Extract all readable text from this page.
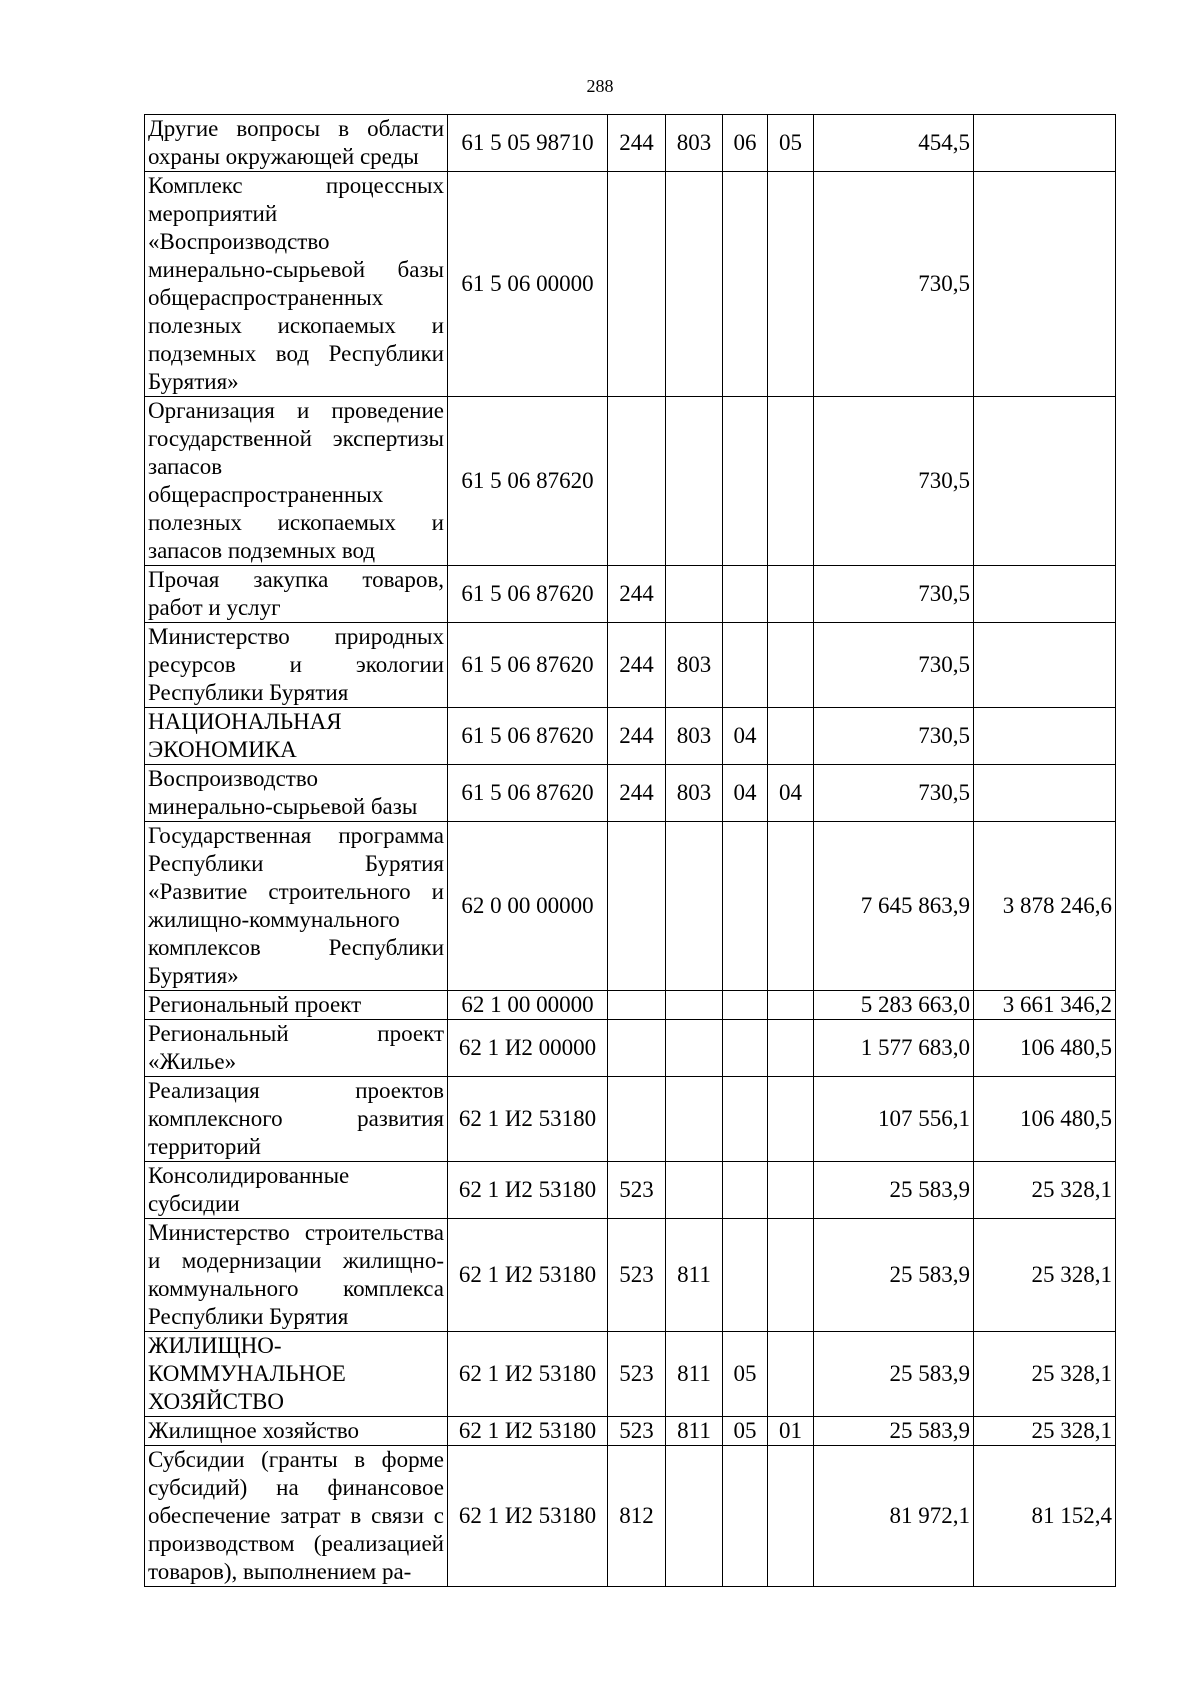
288
Другие вопросы в области охраны окружающей среды	61 5 05 98710	244	803	06	05	454,5	
Комплекс процессных мероприятий «Воспроизводство минерально-сырьевой базы общераспространенных полезных ископаемых и подземных вод Республики Бурятия»	61 5 06 00000					730,5	
Организация и проведение государственной экспертизы запасов общераспространенных полезных ископаемых и запасов подземных вод	61 5 06 87620					730,5	
Прочая закупка товаров, работ и услуг	61 5 06 87620	244				730,5	
Министерство природных ресурсов и экологии Республики Бурятия	61 5 06 87620	244	803			730,5	
НАЦИОНАЛЬНАЯ ЭКОНОМИКА	61 5 06 87620	244	803	04		730,5	
Воспроизводство минерально-сырьевой базы	61 5 06 87620	244	803	04	04	730,5	
Государственная программа Республики Бурятия «Развитие строительного и жилищно-коммунального комплексов Республики Бурятия»	62 0 00 00000					7 645 863,9	3 878 246,6
Региональный проект	62 1 00 00000					5 283 663,0	3 661 346,2
Региональный проект «Жилье»	62 1 И2 00000					1 577 683,0	106 480,5
Реализация проектов комплексного развития территорий	62 1 И2 53180					107 556,1	106 480,5
Консолидированные субсидии	62 1 И2 53180	523				25 583,9	25 328,1
Министерство строительства и модернизации жилищно-коммунального комплекса Республики Бурятия	62 1 И2 53180	523	811			25 583,9	25 328,1
ЖИЛИЩНО-КОММУНАЛЬНОЕ ХОЗЯЙСТВО	62 1 И2 53180	523	811	05		25 583,9	25 328,1
Жилищное хозяйство	62 1 И2 53180	523	811	05	01	25 583,9	25 328,1
Субсидии (гранты в форме субсидий) на финансовое обеспечение затрат в связи с производством (реализацией товаров), выполнением ра-	62 1 И2 53180	812				81 972,1	81 152,4
